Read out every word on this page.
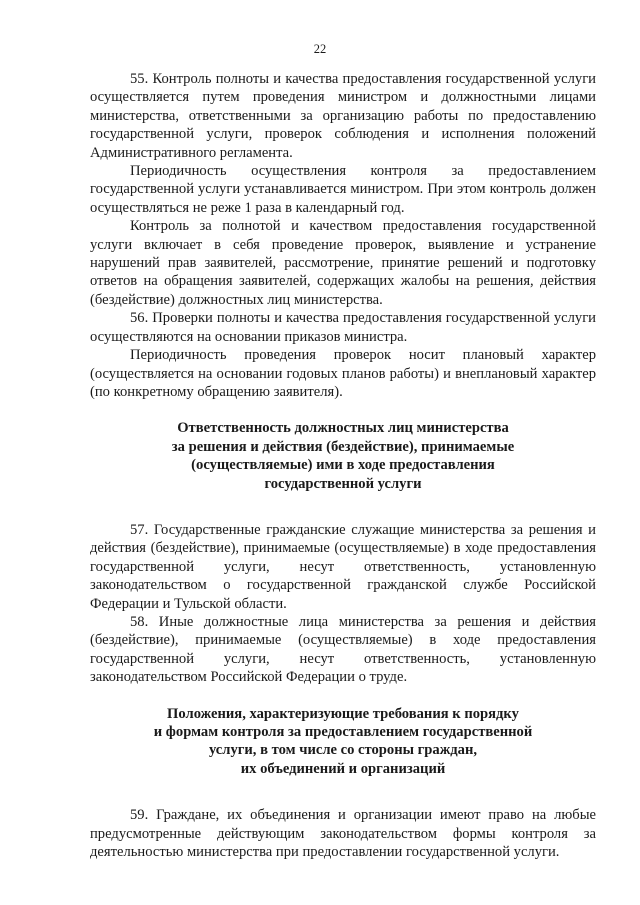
22

55. Контроль полноты и качества предоставления государственной услуги осуществляется путем проведения министром и должностными лицами министерства, ответственными за организацию работы по предоставлению государственной услуги, проверок соблюдения и исполнения положений Административного регламента.

Периодичность осуществления контроля за предоставлением государственной услуги устанавливается министром. При этом контроль должен осуществляться не реже 1 раза в календарный год.

Контроль за полнотой и качеством предоставления государственной услуги включает в себя проведение проверок, выявление и устранение нарушений прав заявителей, рассмотрение, принятие решений и подготовку ответов на обращения заявителей, содержащих жалобы на решения, действия (бездействие) должностных лиц министерства.

56. Проверки полноты и качества предоставления государственной услуги осуществляются на основании приказов министра.

Периодичность проведения проверок носит плановый характер (осуществляется на основании годовых планов работы) и внеплановый характер (по конкретному обращению заявителя).

Ответственность должностных лиц министерства

за решения и действия (бездействие), принимаемые

(осуществляемые) ими в ходе предоставления

государственной услуги

57. Государственные гражданские служащие министерства за решения и действия (бездействие), принимаемые (осуществляемые) в ходе предоставления государственной услуги, несут ответственность, установленную законодательством о государственной гражданской службе Российской Федерации и Тульской области.

58. Иные должностные лица министерства за решения и действия (бездействие), принимаемые (осуществляемые) в ходе предоставления государственной услуги, несут ответственность, установленную законодательством Российской Федерации о труде.

Положения, характеризующие требования к порядку

и формам контроля за предоставлением государственной

услуги, в том числе со стороны граждан,

их объединений и организаций

59. Граждане, их объединения и организации имеют право на любые предусмотренные действующим законодательством формы контроля за деятельностью министерства при предоставлении государственной услуги.
